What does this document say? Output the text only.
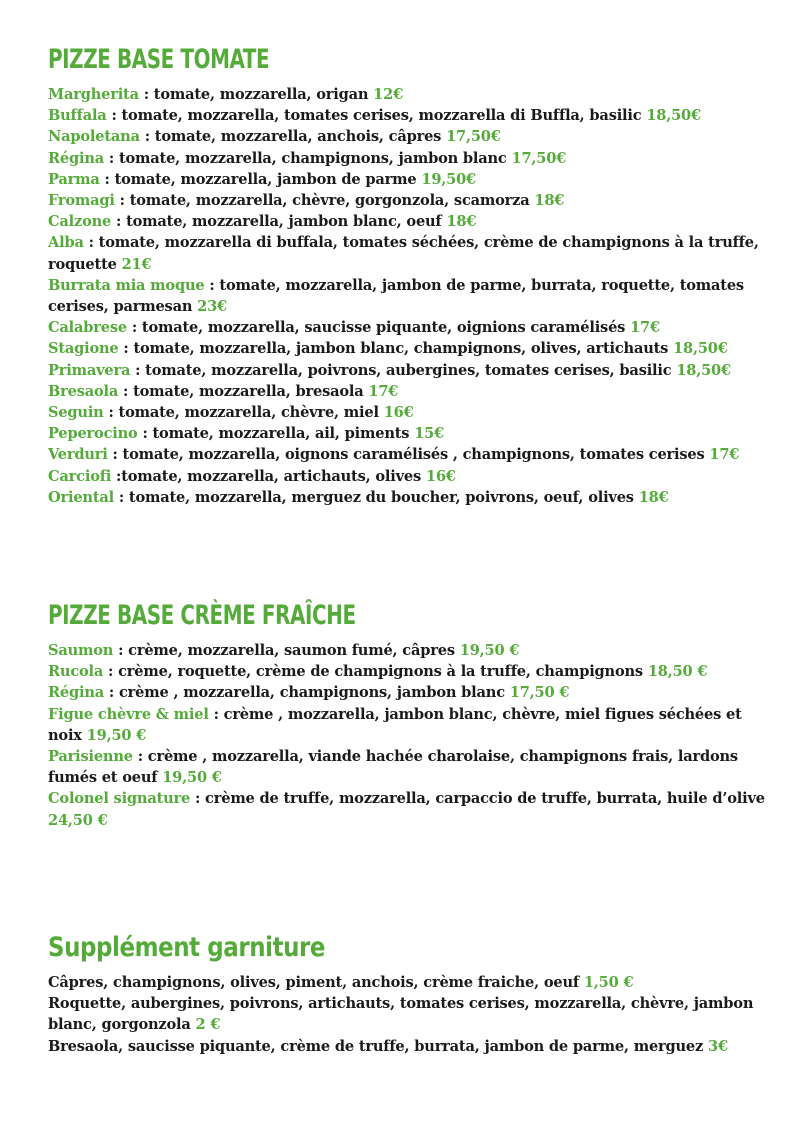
PIZZE BASE TOMATE
Margherita : tomate, mozzarella, origan 12€
Buffala : tomate, mozzarella, tomates cerises, mozzarella di Buffla, basilic 18,50€
Napoletana : tomate, mozzarella, anchois, câpres 17,50€
Régina : tomate, mozzarella, champignons, jambon blanc 17,50€
Parma : tomate, mozzarella, jambon de parme 19,50€
Fromagi : tomate, mozzarella, chèvre, gorgonzola, scamorza 18€
Calzone : tomate, mozzarella, jambon blanc, oeuf 18€
Alba : tomate, mozzarella di buffala, tomates séchées, crème de champignons à la truffe, roquette 21€
Burrata mia moque : tomate, mozzarella, jambon de parme, burrata, roquette, tomates cerises, parmesan 23€
Calabrese : tomate, mozzarella, saucisse piquante, oignions caramélisés 17€
Stagione : tomate, mozzarella, jambon blanc, champignons, olives, artichauts 18,50€
Primavera : tomate, mozzarella, poivrons, aubergines, tomates cerises, basilic 18,50€
Bresaola : tomate, mozzarella, bresaola 17€
Seguin : tomate, mozzarella, chèvre, miel 16€
Peperocino : tomate, mozzarella, ail, piments 15€
Verduri : tomate, mozzarella, oignons caramélisés , champignons, tomates cerises 17€
Carciofi :tomate, mozzarella, artichauts, olives 16€
Oriental : tomate, mozzarella, merguez du boucher, poivrons, oeuf, olives 18€
PIZZE BASE CRÈME FRAÎCHE
Saumon : crème, mozzarella, saumon fumé, câpres 19,50 €
Rucola : crème, roquette, crème de champignons à la truffe, champignons 18,50 €
Régina : crème , mozzarella, champignons, jambon blanc 17,50 €
Figue chèvre & miel : crème , mozzarella, jambon blanc, chèvre, miel figues séchées et noix 19,50 €
Parisienne : crème , mozzarella, viande hachée charolaise, champignons frais, lardons fumés et oeuf 19,50 €
Colonel signature : crème de truffe, mozzarella, carpaccio de truffe, burrata, huile d’olive 24,50 €
Supplément garniture
Câpres, champignons, olives, piment, anchois, crème fraiche, oeuf 1,50 €
Roquette, aubergines, poivrons, artichauts, tomates cerises, mozzarella, chèvre, jambon blanc, gorgonzola 2 €
Bresaola, saucisse piquante, crème de truffe, burrata, jambon de parme, merguez 3€
